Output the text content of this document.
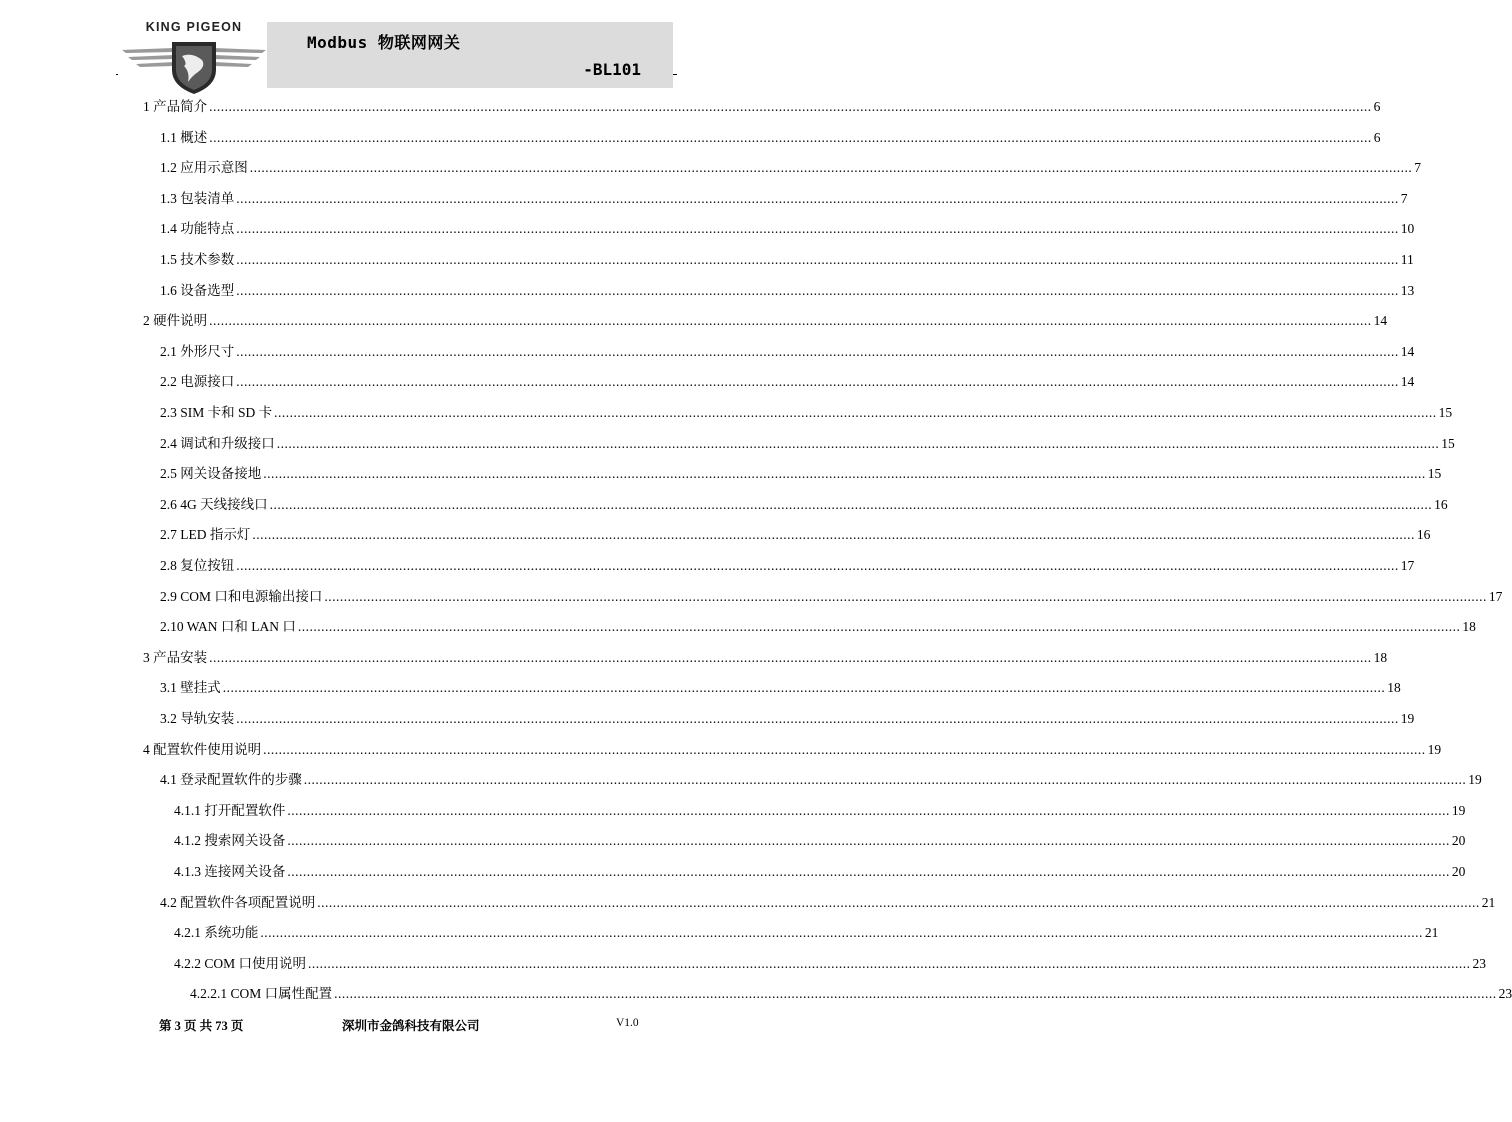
KING PIGEON
Modbus 物联网网关
-BL101
1 产品简介 ............................................................................................................................................................................................................................................................................................................ 6
1.1 概述 ............................................................................................................................................................................................................................................................................................................ 6
1.2 应用示意图 ............................................................................................................................................................................................................................................................................................................ 7
1.3 包装清单 ............................................................................................................................................................................................................................................................................................................ 7
1.4 功能特点 ............................................................................................................................................................................................................................................................................................................ 10
1.5 技术参数 ............................................................................................................................................................................................................................................................................................................ 11
1.6 设备选型 ............................................................................................................................................................................................................................................................................................................ 13
2 硬件说明 ............................................................................................................................................................................................................................................................................................................ 14
2.1 外形尺寸 ............................................................................................................................................................................................................................................................................................................ 14
2.2 电源接口 ............................................................................................................................................................................................................................................................................................................ 14
2.3 SIM 卡和 SD 卡 ............................................................................................................................................................................................................................................................................................................ 15
2.4 调试和升级接口 ............................................................................................................................................................................................................................................................................................................ 15
2.5 网关设备接地 ............................................................................................................................................................................................................................................................................................................ 15
2.6 4G 天线接线口 ............................................................................................................................................................................................................................................................................................................ 16
2.7 LED 指示灯 ............................................................................................................................................................................................................................................................................................................ 16
2.8 复位按钮 ............................................................................................................................................................................................................................................................................................................ 17
2.9 COM 口和电源输出接口 ............................................................................................................................................................................................................................................................................................................ 17
2.10 WAN 口和 LAN 口 ............................................................................................................................................................................................................................................................................................................ 18
3 产品安装 ............................................................................................................................................................................................................................................................................................................ 18
3.1 壁挂式 ............................................................................................................................................................................................................................................................................................................ 18
3.2 导轨安装 ............................................................................................................................................................................................................................................................................................................ 19
4 配置软件使用说明 ............................................................................................................................................................................................................................................................................................................ 19
4.1 登录配置软件的步骤 ............................................................................................................................................................................................................................................................................................................ 19
4.1.1 打开配置软件 ............................................................................................................................................................................................................................................................................................................ 19
4.1.2 搜索网关设备 ............................................................................................................................................................................................................................................................................................................ 20
4.1.3 连接网关设备 ............................................................................................................................................................................................................................................................................................................ 20
4.2 配置软件各项配置说明 ............................................................................................................................................................................................................................................................................................................ 21
4.2.1 系统功能 ............................................................................................................................................................................................................................................................................................................ 21
4.2.2 COM 口使用说明 ............................................................................................................................................................................................................................................................................................................ 23
4.2.2.1 COM 口属性配置 ............................................................................................................................................................................................................................................................................................................ 23
第 3 页 共 73 页	深圳市金鸽科技有限公司	V1.0
